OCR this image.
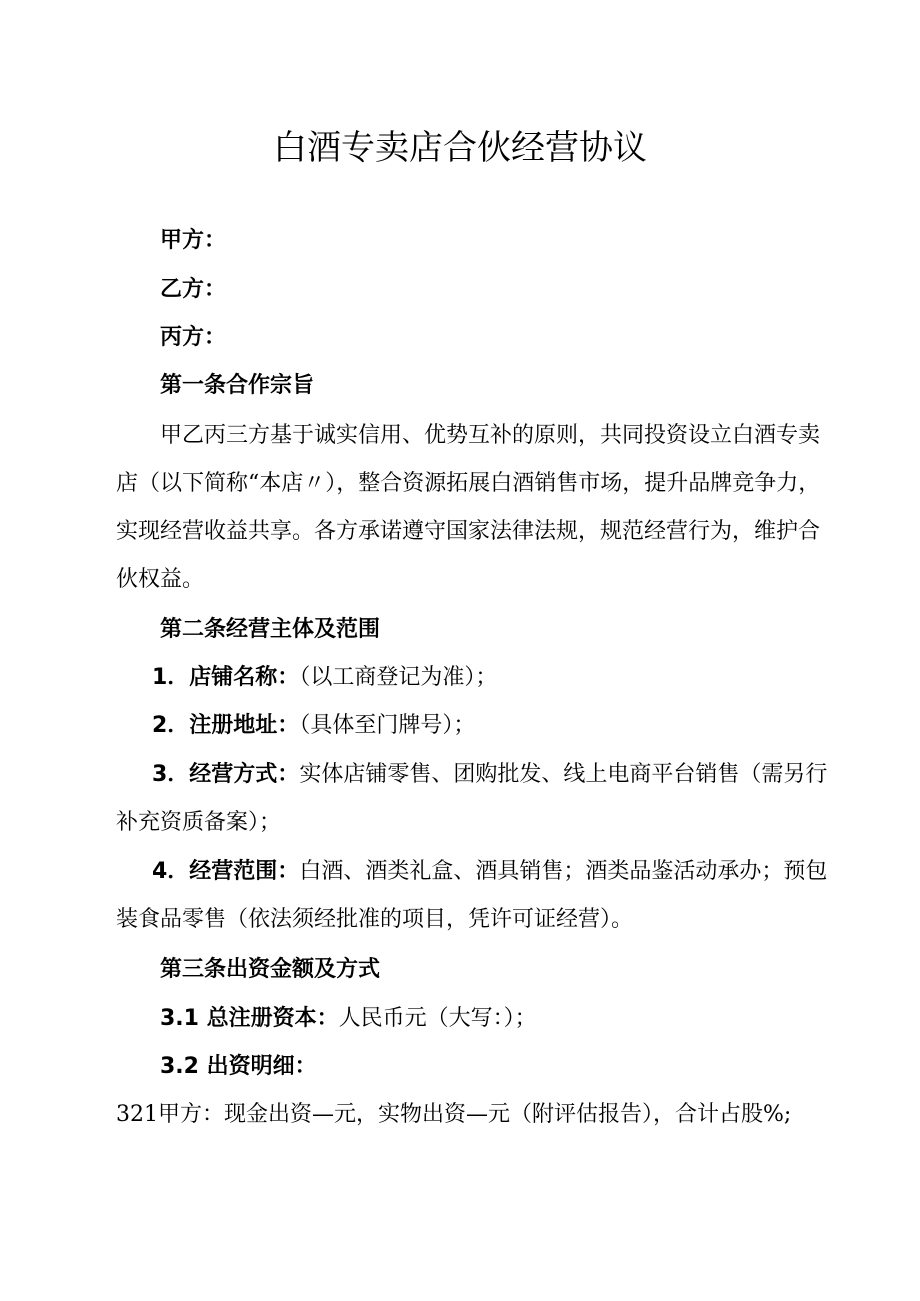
白酒专卖店合伙经营协议
甲方：
乙方：
丙方：
第一条合作宗旨
甲乙丙三方基于诚实信用、优势互补的原则，共同投资设立白酒专卖
店（以下简称“本店〃），整合资源拓展白酒销售市场，提升品牌竞争力，
实现经营收益共享。各方承诺遵守国家法律法规，规范经营行为，维护合
伙权益。
第二条经营主体及范围
1．店铺名称：（以工商登记为准）；
2．注册地址：（具体至门牌号）；
3．经营方式：实体店铺零售、团购批发、线上电商平台销售（需另行
补充资质备案）；
4．经营范围：白酒、酒类礼盒、酒具销售；酒类品鉴活动承办；预包
装食品零售（依法须经批准的项目，凭许可证经营）。
第三条出资金额及方式
3.1 总注册资本：人民币元（大写：）；
3.2 出资明细：
321甲方：现金出资—元，实物出资—元（附评估报告），合计占股%;
